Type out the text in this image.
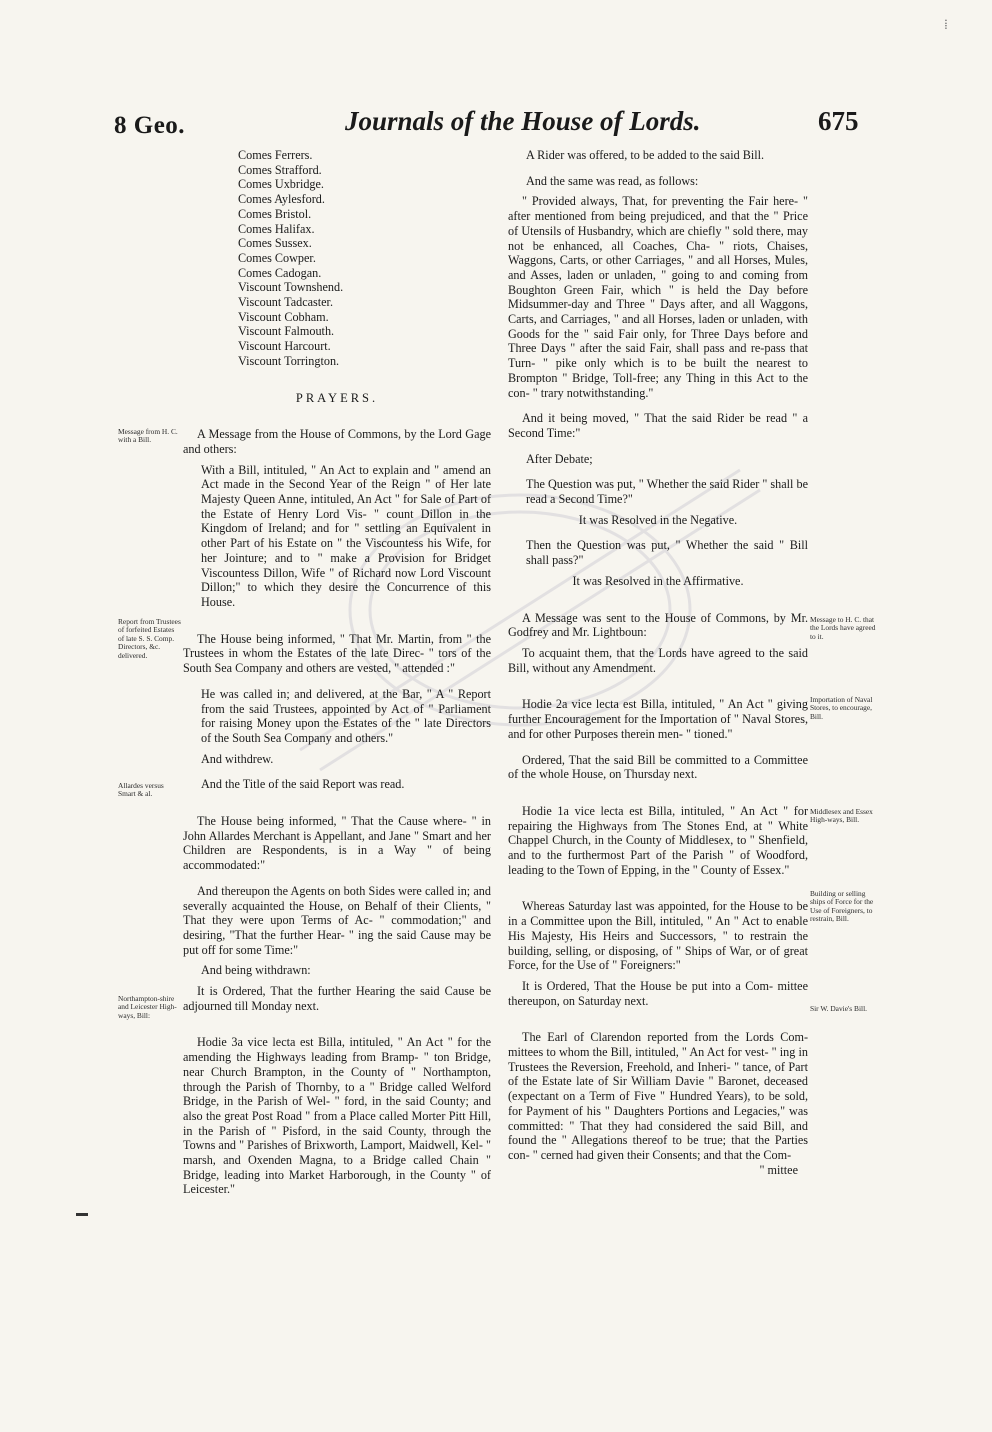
⁞
8 Geo.	Journals of the House of Lords.	675
Comes Ferrers.
Comes Strafford.
Comes Uxbridge.
Comes Aylesford.
Comes Bristol.
Comes Halifax.
Comes Sussex.
Comes Cowper.
Comes Cadogan.
Viscount Townshend.
Viscount Tadcaster.
Viscount Cobham.
Viscount Falmouth.
Viscount Harcourt.
Viscount Torrington.
PRAYERS.
A Message from the House of Commons, by the Lord Gage and others:
With a Bill, intituled, " An Act to explain and " amend an Act made in the Second Year of the Reign " of Her late Majesty Queen Anne, intituled, An Act " for Sale of Part of the Estate of Henry Lord Vis- " count Dillon in the Kingdom of Ireland; and for " settling an Equivalent in other Part of his Estate on " the Viscountess his Wife, for her Jointure; and to " make a Provision for Bridget Viscountess Dillon, Wife " of Richard now Lord Viscount Dillon;" to which they desire the Concurrence of this House.
The House being informed, " That Mr. Martin, from " the Trustees in whom the Estates of the late Direc- " tors of the South Sea Company and others are vested, " attended :"
He was called in; and delivered, at the Bar, " A " Report from the said Trustees, appointed by Act of " Parliament for raising Money upon the Estates of the " late Directors of the South Sea Company and others."
And withdrew.
And the Title of the said Report was read.
The House being informed, " That the Cause where- " in John Allardes Merchant is Appellant, and Jane " Smart and her Children are Respondents, is in a Way " of being accommodated:"
And thereupon the Agents on both Sides were called in; and severally acquainted the House, on Behalf of their Clients, " That they were upon Terms of Ac- " commodation;" and desiring, "That the further Hear- " ing the said Cause may be put off for some Time:"
And being withdrawn:
It is Ordered, That the further Hearing the said Cause be adjourned till Monday next.
Hodie 3a vice lecta est Billa, intituled, " An Act " for the amending the Highways leading from Bramp- " ton Bridge, near Church Brampton, in the County of " Northampton, through the Parish of Thornby, to a " Bridge called Welford Bridge, in the Parish of Wel- " ford, in the said County; and also the great Post Road " from a Place called Morter Pitt Hill, in the Parish of " Pisford, in the said County, through the Towns and " Parishes of Brixworth, Lamport, Maidwell, Kel- " marsh, and Oxenden Magna, to a Bridge called Chain " Bridge, leading into Market Harborough, in the County " of Leicester."
A Rider was offered, to be added to the said Bill.
And the same was read, as follows:
" Provided always, That, for preventing the Fair here- " after mentioned from being prejudiced, and that the " Price of Utensils of Husbandry, which are chiefly " sold there, may not be enhanced, all Coaches, Cha- " riots, Chaises, Waggons, Carts, or other Carriages, " and all Horses, Mules, and Asses, laden or unladen, " going to and coming from Boughton Green Fair, which " is held the Day before Midsummer-day and Three " Days after, and all Waggons, Carts, and Carriages, " and all Horses, laden or unladen, with Goods for the " said Fair only, for Three Days before and Three Days " after the said Fair, shall pass and re-pass that Turn- " pike only which is to be built the nearest to Brompton " Bridge, Toll-free; any Thing in this Act to the con- " trary notwithstanding."
And it being moved, " That the said Rider be read " a Second Time:"
After Debate;
The Question was put, " Whether the said Rider " shall be read a Second Time?"
It was Resolved in the Negative.
Then the Question was put, " Whether the said " Bill shall pass?"
It was Resolved in the Affirmative.
A Message was sent to the House of Commons, by Mr. Godfrey and Mr. Lightboun:
To acquaint them, that the Lords have agreed to the said Bill, without any Amendment.
Hodie 2a vice lecta est Billa, intituled, " An Act " giving further Encouragement for the Importation of " Naval Stores, and for other Purposes therein men- " tioned."
Ordered, That the said Bill be committed to a Committee of the whole House, on Thursday next.
Hodie 1a vice lecta est Billa, intituled, " An Act " for repairing the Highways from The Stones End, at " White Chappel Church, in the County of Middlesex, to " Shenfield, and to the furthermost Part of the Parish " of Woodford, leading to the Town of Epping, in the " County of Essex."
Whereas Saturday last was appointed, for the House to be in a Committee upon the Bill, intituled, " An " Act to enable His Majesty, His Heirs and Successors, " to restrain the building, selling, or disposing, of " Ships of War, or of great Force, for the Use of " Foreigners:"
It is Ordered, That the House be put into a Com- mittee thereupon, on Saturday next.
The Earl of Clarendon reported from the Lords Com- mittees to whom the Bill, intituled, " An Act for vest- " ing in Trustees the Reversion, Freehold, and Inheri- " tance, of Part of the Estate late of Sir William Davie " Baronet, deceased (expectant on a Term of Five " Hundred Years), to be sold, for Payment of his " Daughters Portions and Legacies," was committed: " That they had considered the said Bill, and found the " Allegations thereof to be true; that the Parties con- " cerned had given their Consents; and that the Com-
" mittee
Message from H. C. with a Bill.
Report from Trustees of forfeited Estates of late S. S. Comp. Directors, &c. delivered.
Allardes versus Smart & al.
Northampton-shire and Leicester High-ways, Bill:
Message to H. C. that the Lords have agreed to it.
Importation of Naval Stores, to encourage, Bill.
Middlesex and Essex High-ways, Bill.
Building or selling ships of Force for the Use of Foreigners, to restrain, Bill.
Sir W. Davie's Bill.
